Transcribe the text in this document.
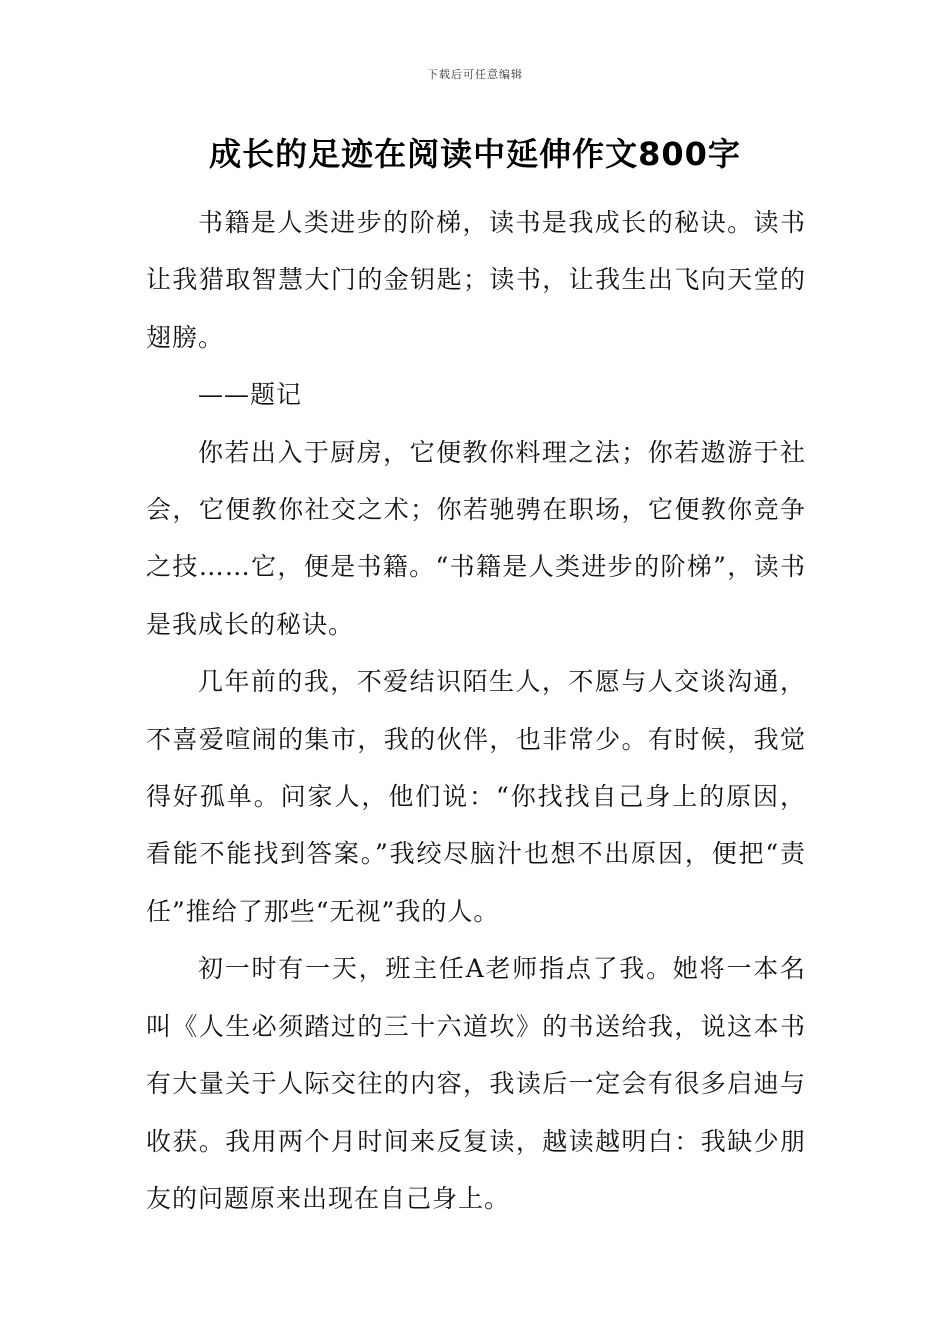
下载后可任意编辑
成长的足迹在阅读中延伸作文800字

书籍是人类进步的阶梯，读书是我成长的秘诀。读书让我猎取智慧大门的金钥匙；读书，让我生出飞向天堂的翅膀。

——题记

你若出入于厨房，它便教你料理之法；你若遨游于社会，它便教你社交之术；你若驰骋在职场，它便教你竞争之技……它，便是书籍。“书籍是人类进步的阶梯”，读书是我成长的秘诀。

几年前的我，不爱结识陌生人，不愿与人交谈沟通，不喜爱喧闹的集市，我的伙伴，也非常少。有时候，我觉得好孤单。问家人，他们说：“你找找自己身上的原因，看能不能找到答案。”我绞尽脑汁也想不出原因，便把“责任”推给了那些“无视”我的人。

初一时有一天，班主任A老师指点了我。她将一本名叫《人生必须踏过的三十六道坎》的书送给我，说这本书有大量关于人际交往的内容，我读后一定会有很多启迪与收获。我用两个月时间来反复读，越读越明白：我缺少朋友的问题原来出现在自己身上。
